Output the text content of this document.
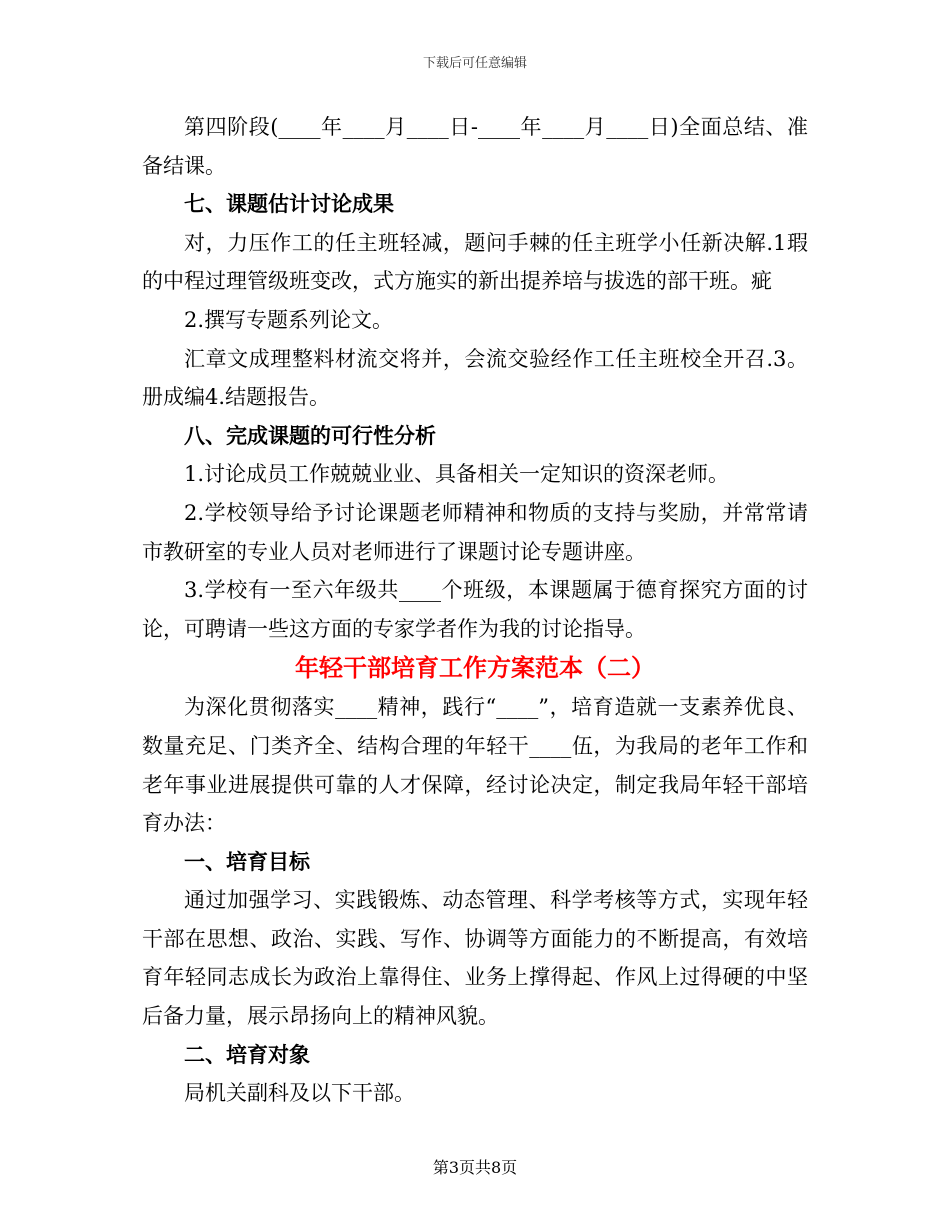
下载后可任意编辑

第四阶段(____年____月____日-____年____月____日)全面总结、准备结课。

七、课题估计讨论成果

对，力压作工的任主班轻减，题问手棘的任主班学小任新决解.1瑕的中程过理管级班变改，式方施实的新出提养培与拔选的部干班。疵

2.撰写专题系列论文。

汇章文成理整料材流交将并，会流交验经作工任主班校全开召.3。册成编4.结题报告。

八、完成课题的可行性分析

1.讨论成员工作兢兢业业、具备相关一定知识的资深老师。

2.学校领导给予讨论课题老师精神和物质的支持与奖励，并常常请市教研室的专业人员对老师进行了课题讨论专题讲座。

3.学校有一至六年级共____个班级，本课题属于德育探究方面的讨论，可聘请一些这方面的专家学者作为我的讨论指导。

年轻干部培育工作方案范本（二）

为深化贯彻落实____精神，践行“____”，培育造就一支素养优良、数量充足、门类齐全、结构合理的年轻干____伍，为我局的老年工作和老年事业进展提供可靠的人才保障，经讨论决定，制定我局年轻干部培育办法：

一、培育目标

通过加强学习、实践锻炼、动态管理、科学考核等方式，实现年轻干部在思想、政治、实践、写作、协调等方面能力的不断提高，有效培育年轻同志成长为政治上靠得住、业务上撑得起、作风上过得硬的中坚后备力量，展示昂扬向上的精神风貌。

二、培育对象

局机关副科及以下干部。

第3页共8页
